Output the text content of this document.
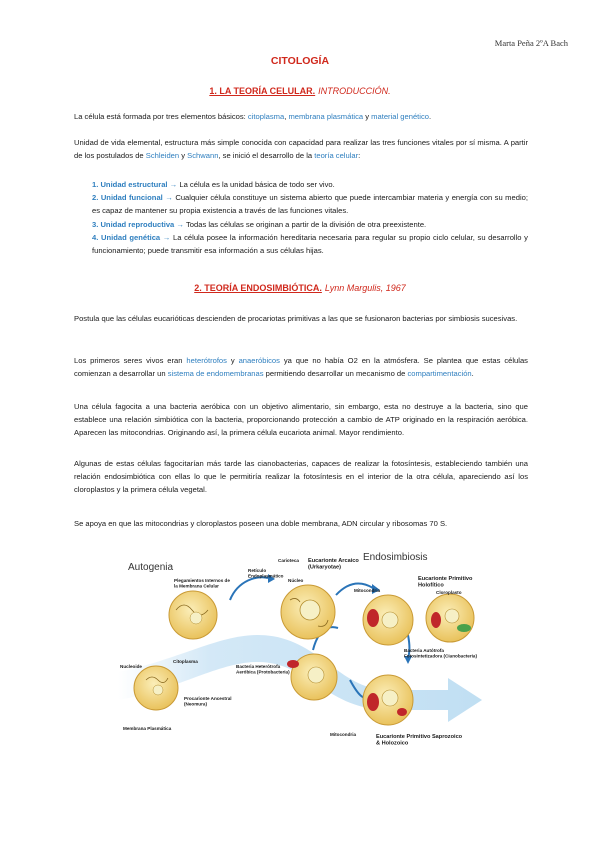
Marta Peña 2ºA Bach
CITOLOGÍA
1. LA TEORÍA CELULAR. INTRODUCCIÓN.
La célula está formada por tres elementos básicos: citoplasma, membrana plasmática y material genético.
Unidad de vida elemental, estructura más simple conocida con capacidad para realizar las tres funciones vitales por sí misma. A partir de los postulados de Schleiden y Schwann, se inició el desarrollo de la teoría celular:
1. Unidad estructural → La célula es la unidad básica de todo ser vivo.
2. Unidad funcional → Cualquier célula constituye un sistema abierto que puede intercambiar materia y energía con su medio; es capaz de mantener su propia existencia a través de las funciones vitales.
3. Unidad reproductiva → Todas las células se originan a partir de la división de otra preexistente.
4. Unidad genética → La célula posee la información hereditaria necesaria para regular su propio ciclo celular, su desarrollo y funcionamiento; puede transmitir esa información a sus células hijas.
2. TEORÍA ENDOSIMBIÓTICA. Lynn Margulis, 1967
Postula que las células eucarióticas descienden de procariotas primitivas a las que se fusionaron bacterias por simbiosis sucesivas.
Los primeros seres vivos eran heterótrofos y anaeróbicos ya que no había O2 en la atmósfera. Se plantea que estas células comienzan a desarrollar un sistema de endomembranas permitiendo desarrollar un mecanismo de compartimentación.
Una célula fagocita a una bacteria aeróbica con un objetivo alimentario, sin embargo, esta no destruye a la bacteria, sino que establece una relación simbiótica con la bacteria, proporcionando protección a cambio de ATP originado en la respiración aeróbica. Aparecen las mitocondrias. Originando así, la primera célula eucariota animal. Mayor rendimiento.
Algunas de estas células fagocitarían más tarde las cianobacterias, capaces de realizar la fotosíntesis, estableciendo también una relación endosimbiótica con ellas lo que le permitiría realizar la fotosíntesis en el interior de la otra célula, apareciendo así los cloroplastos y la primera célula vegetal.
Se apoya en que las mitocondrias y cloroplastos poseen una doble membrana, ADN circular y ribosomas 70 S.
Autogenia
Endosimbiosis
Nucleoide
Citoplasma
Procarionte Ancestral (Neomura)
Membrana Plasmática
Plegamientos Internos de la Membrana Celular
Retículo Endoplasmático
Carioteca
Núcleo
Eucarionte Arcaico (Urkaryotae)
Bacteria Heterótrofa Aeróbica (Protobacteria)
Mitocondria
Eucarionte Primitivo Holofítico
Cloroplasto
Bacteria Autótrofa Fotosintetizadora (Cianobacteria)
Mitocondria	Eucarionte Primitivo Saprozoico & Holozoico
